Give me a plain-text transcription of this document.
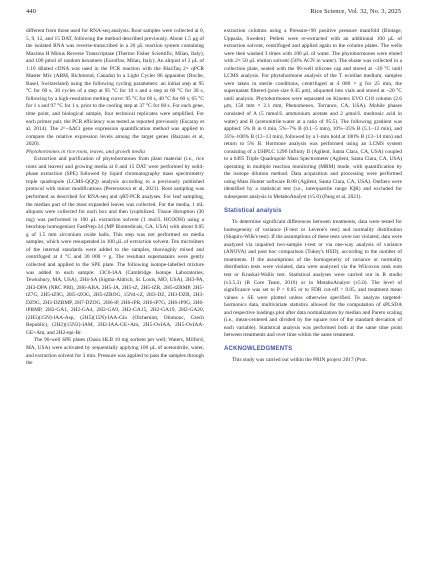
440	Rice Science, Vol. 32, No. 3, 2025

different from those used for RNA-seq analysis. Root samples were collected at 0, 5, 9, 12, and 15 DAT, following the method described previously. About 1.5 μg of the isolated RNA was reverse-transcribed in a 20 μL reaction system containing Maxima H Minus Reverse Transcriptase (Thermo Fisher Scientific, Milan, Italy), and 100 pmol of random hexamers (Eurofins, Milan, Italy). An aliquot of 2 μL of 1:10 diluted cDNA was used in the PCR reaction with the BlasTaq 2× qPCR Master Mix (ABM, Richmond, Canada) in a Light Cycler 86 apparatus (Roche, Basel, Switzerland) using the following cycling parameters: an initial step at 95 °C for 60 s, 30 cycles of a step at 95 °C for 10 s and a step at 60 °C for 30 s, following by a high-resolution melting curve: 95 °C for 60 s, 40 °C for 60 s; 65 °C for 1 s and 97 °C for 1 s, prior to the cooling step at 37 °C for 60 s. For each gene, time point, and biological sample, four technical replicates were amplified. For each primer pair, the PCR efficiency was tested as reported previously (Escaray et al, 2014). The 2^−ΔΔCt gene expression quantification method was applied to compare the relative expression levels among the target genes (Bazzani et al, 2020).

Phytohormones in rice roots, leaves, and growth media

Extraction and purification of phytohormones from plant material (i.e., rice roots and leaves) and growing media at 0 and 15 DAT were performed by solid-phase extraction (SPE) followed by liquid chromatography mass spectrometry triple quadrupole (LCMS-QQQ) analysis according to a previously published protocol with minor modifications (Pererostova et al, 2021). Root sampling was performed as described for RNA-seq and qRT-PCR analyses. For leaf sampling, the median part of the most expanded leaves was collected. For the media, 1 mL aliquots were collected for each box and then lyophilized. Tissue disruption (30 mg) was performed in 100 μL extraction solvent (1 mol/L HCOOH) using a benchtop homogenizer FastPrep-24 (MP Biomedicals, CA, USA) with about 0.05 g of 1.5 mm zirconium oxide balls. This step was not performed on media samples, which were resuspended in 100 μL of extraction solvent. Ten microliters of the internal standards were added to the samples, thoroughly mixed and centrifuged at 4 °C and 30 000 × g. The resultant supernatants were gently collected and applied to the SPE plate. The following isotope-labelled mixture was added to each sample: 13C6-IAA (Cambridge Isotope Laboratories, Tewksbury, MA, USA), 2H4-SA (Sigma-Aldrich, St. Louis, MO, USA), 2H3-PA, 2H3-DPA (NRC PBI), 2H6-ABA, 2H5-JA, 2H5-tZ, 2H5-tZR, 2H5-tZRMP, 2H5-tZ7G, 2H5-tZ9G, 2H5-tZOG, 2H5-tZROG, 15N4-cZ, 2H3-DZ, 2H3-DZR, 2H3-DZ9G, 2H3-DZRMP, 2H7-DZOG, 2H6-iP, 2H6-iPR, 2H6-iP7G, 2H6-iP9G, 2H6-iPRMP, 2H2-GA1, 2H2-GA4, 2H2-GA9, 2H2-GA15, 2H2-GA19, 2H2-GA20, (2H5)(15N)-IAA-Asp, (2H5)(15N)-IAA-Glu (Olchemim, Olomouc, Czech Republic), (2H2)(15N2)-IAM, 2H2-IAA-GE+Am, 2H5-OxIAA, 2H5-OxIAA-GE+Am, and 2H2-epi-Br.

The 96-well SPE plates (Oasis HLB 10 mg sorbent per well; Waters, Milford, MA, USA) were activated by sequentially applying 100 μL of acetonitrile, water, and extraction solvent for 3 min. Pressure was applied to pass the samples through the

extraction columns using a Pressure+96 positive pressure manifold (Biotage, Uppsala, Sweden). Pellets were re-extracted with an additional 100 μL of extraction solvent, centrifuged and applied again to the column plates. The wells were then washed 3 times with 100 μL of water. The phytohormones were eluted with 2× 50 μL elution solvent (50% ACN in water). The eluate was collected in a collection plate, sealed with the 96-well silicone cap and stored at −20 °C until LCMS analysis. For phytohormone analysis of the T. ecolilae medium, samples were taken in sterile conditions, centrifuged at 4 000 × g for 25 min, the supernatant filtered (pore size 0.45 μm), aliquoted into vials and stored at −20 °C until analysis. Phytohormones were separated on Kinetex EVO C18 column (2.6 μm, 150 mm × 2.1 mm, Phenomenex, Torrance, CA, USA). Mobile phases consisted of A (5 mmol/L ammonium acetate and 2 μmol/L medronic acid in water) and B (acetonitrile:water at a ratio of 95:5). The following gradient was applied: 5% B in 0 min, 5%–7% B (0.1−5 min), 10%–35% B (5.1−12 min), and 35%–100% B (13−13 min), followed by a 1-min hold at 100% B (13−14 min) and return to 5% B. Hormone analysis was performed using an LCMS system consisting of a UHPLC 1290 Infinity II (Agilent, Santa Clara, CA, USA) coupled to a 6495 Triple Quadrupole Mass Spectrometer (Agilent, Santa Clara, CA, USA) operating in multiple reaction monitoring (MRM) mode, with quantification by the isotope dilution method. Data acquisition and processing were performed using Mass Hunter software B.08 (Agilent, Santa Clara, CA, USA). Outliers were identified by a statistical test (i.e., interquartile range IQR) and excluded for subsequent analysis in MetaboAnalyst (v5.0) (Pang et al, 2021).

Statistical analysis

To determine significant differences between treatments, data were tested for homogeneity of variance (F-test or Levene's test) and normality distribution (Shapiro-Wilk's test). If the assumptions of these tests were not violated, data were analyzed via unpaired two-sample t-test or via one-way analysis of variance (ANOVA) and post hoc comparison (Tukey's HSD), according to the number of treatments. If the assumptions of the homogeneity of variance or normality distribution tests were violated, data were analyzed via the Wilcoxon rank sum test or Kruskal-Wallis test. Statistical analyses were carried out in R studio (v3.5.3) (R Core Team, 2016) or in MetaboAnalyst (v5.0). The level of significance was set to P < 0.05 or to FDR cut-off < 0.05, and treatment mean values ± SE were plotted unless otherwise specified. To analyze targeted-hormonics data, multivariate statistics allowed for the computation of sPLSDA and respective loadings plot after data normalization by median and Pareto scaling (i.e., mean-centered and divided by the square root of the standard deviation of each variable). Statistical analysis was performed both at the same time point between treatments and over time within the same treatment.

ACKNOWLEDGMENTS

This study was carried out within the PRIN project 2017 (Prot.
